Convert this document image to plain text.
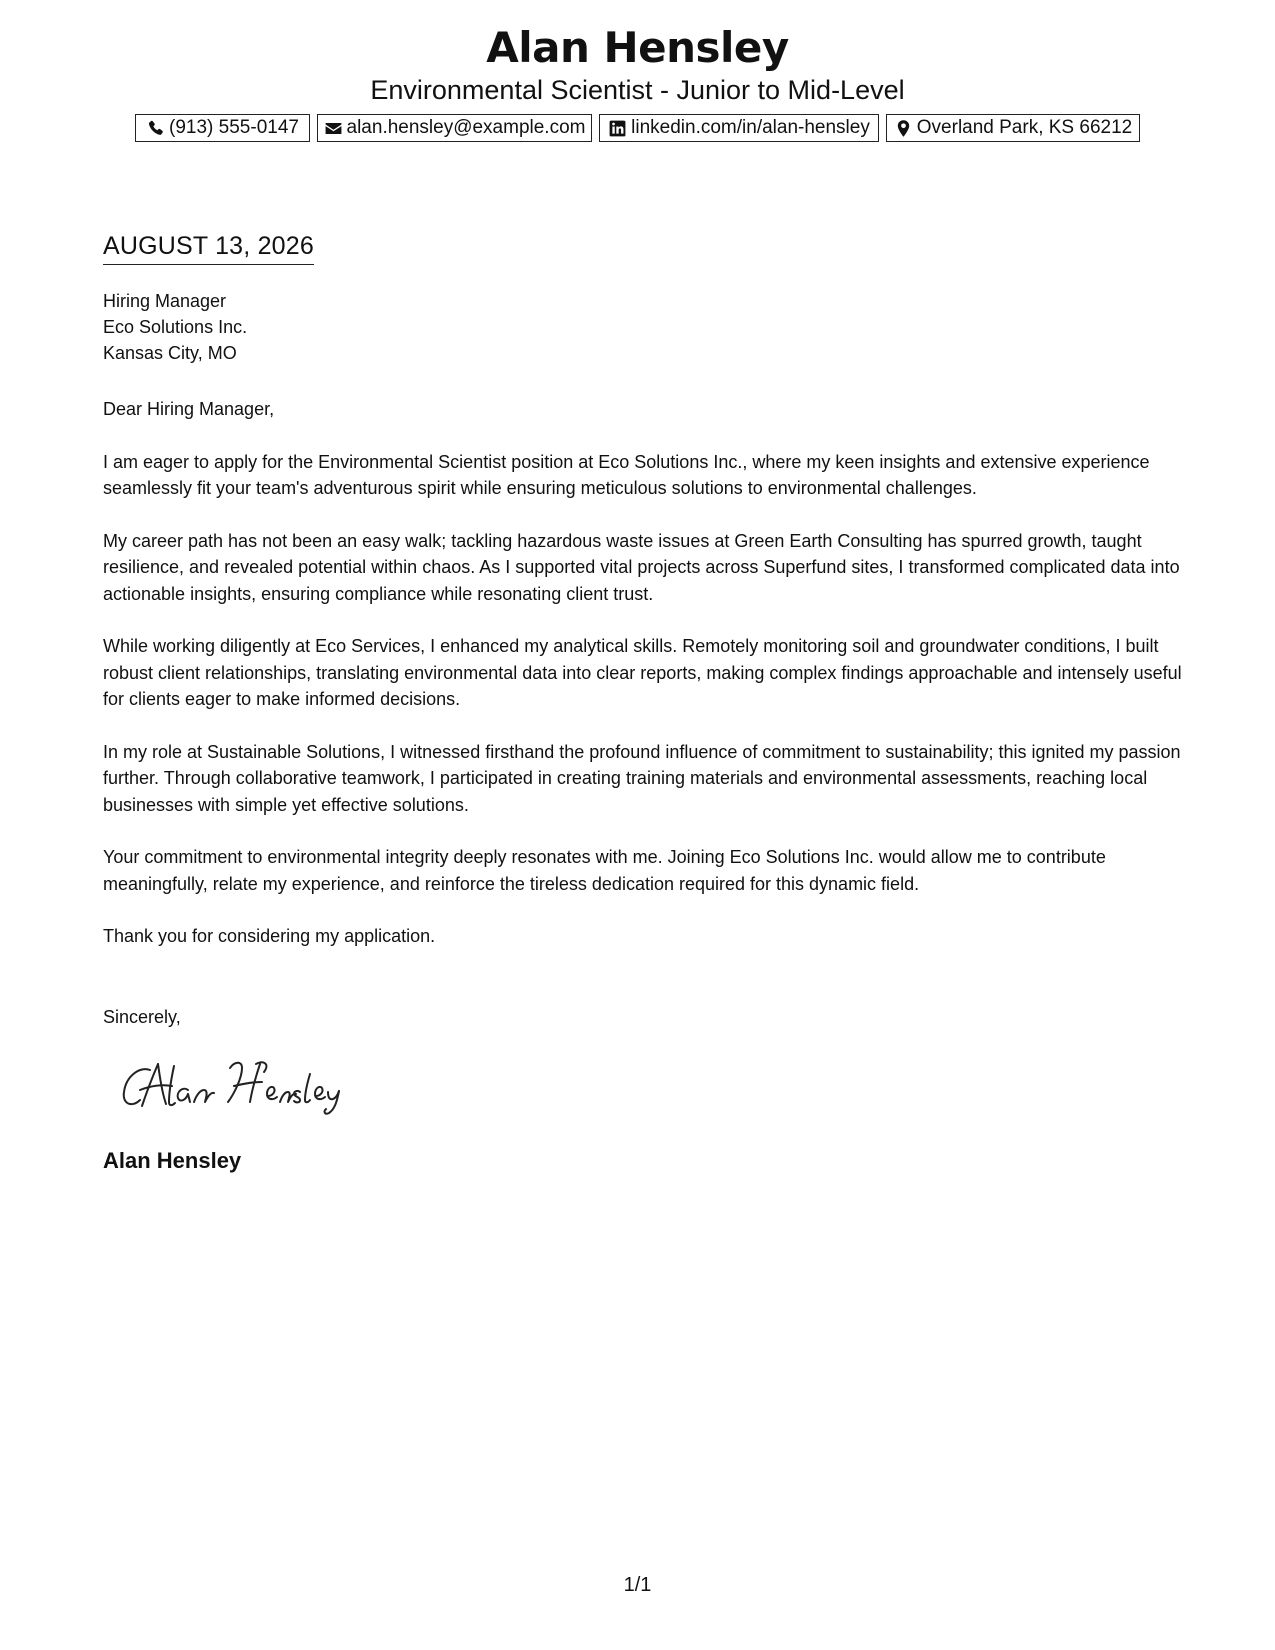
Alan Hensley
Environmental Scientist - Junior to Mid-Level
(913) 555-0147	alan.hensley@example.com linkedin.com/in/alan-hensley Overland Park, KS 66212
AUGUST 13, 2026
Hiring Manager
Eco Solutions Inc.
Kansas City, MO

Dear Hiring Manager,

I am eager to apply for the Environmental Scientist position at Eco Solutions Inc., where my keen insights and extensive experience seamlessly fit your team's adventurous spirit while ensuring meticulous solutions to environmental challenges.

My career path has not been an easy walk; tackling hazardous waste issues at Green Earth Consulting has spurred growth, taught resilience, and revealed potential within chaos. As I supported vital projects across Superfund sites, I transformed complicated data into actionable insights, ensuring compliance while resonating client trust.

While working diligently at Eco Services, I enhanced my analytical skills. Remotely monitoring soil and groundwater conditions, I built robust client relationships, translating environmental data into clear reports, making complex findings approachable and intensely useful for clients eager to make informed decisions.

In my role at Sustainable Solutions, I witnessed firsthand the profound influence of commitment to sustainability; this ignited my passion further. Through collaborative teamwork, I participated in creating training materials and environmental assessments, reaching local businesses with simple yet effective solutions.

Your commitment to environmental integrity deeply resonates with me. Joining Eco Solutions Inc. would allow me to contribute meaningfully, relate my experience, and reinforce the tireless dedication required for this dynamic field.

Thank you for considering my application.

Sincerely,
Alan Hensley
1/1
